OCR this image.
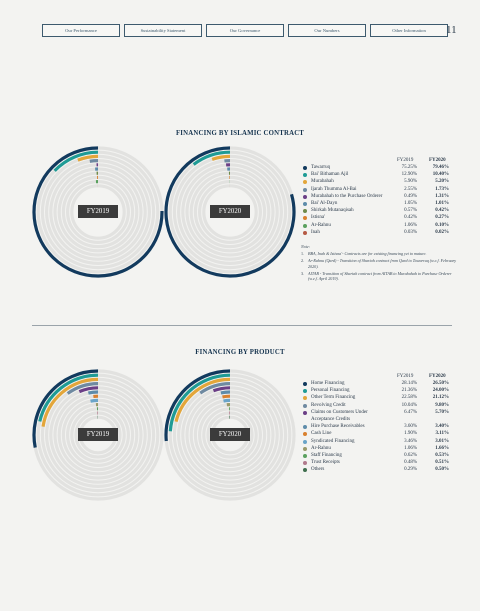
Our Performance	Sustainability Statement	Our Governance	Our Numbers	Other Information	11
FINANCING BY ISLAMIC CONTRACT
FINANCING BY PRODUCT
FY2019	FY2020
FY2019	FY2020
FY2019	FY2020
Tawarruq	75.25%	79.46%
Bai' Bithaman Ajil	12.90%	10.40%
Murabahah	5.90%	5.20%
Ijarah Thumma Al-Bai	2.55%	1.73%
Murabahah to the Purchase Orderer	0.49%	1.31%
Bai' Al-Dayn	1.05%	1.01%
Shirkah Mutanaqisah	0.57%	0.42%
Istisna'	0.42%	0.27%
Ar-Rahnu	1.06%	0.10%
Inah	0.03%	0.02%
Note:
1. BBA, Inah & Istisna'- Contracts are for existing financing yet to mature.
2. Ar-Rahnu (Qard) - Transition of Shariah contract from Qard to Tawarruq (w.e.f. February 2020).
3. AITAB - Transition of Shariah contract from AITAB to Murabahah to Purchase Orderer (w.e.f. April 2019).
FY2019	FY2020
Home Financing	28.14%	26.50%
Personal Financing	21.36%	24.00%
Other Term Financing	22.58%	21.12%
Revolving Credit	10.04%	9.80%
Claims on Customers Under Acceptance Credits
6.47%	5.70%
Hire Purchase Receivables	3.60%	3.40%
Cash Line	1.90%	3.11%
Syndicated Financing	3.46%	3.01%
Ar-Rahnu	1.06%	1.66%
Staff Financing	0.62%	0.53%
Trust Receipts	0.48%	0.51%
Others	0.29%	0.50%
